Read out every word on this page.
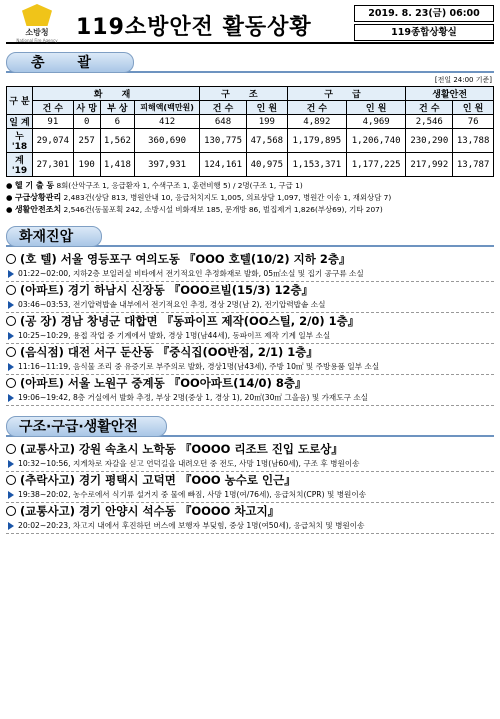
소방청
National Fire Agency
119소방안전 활동상황
2019. 8. 23(금) 06:00
119종합상황실
총 괄
[전일 24:00 기준]
구 분	화 재				구 조		구 급		생활안전	
	건 수	사 망	부 상	피해액(백만원)	건 수	인 원	건 수	인 원	건 수	인 원
일 계	91	0	6	412	648	199	4,892	4,969	2,546	76
누 '18	29,074	257	1,562	360,690	130,775	47,568	1,179,895	1,206,740	230,290	13,788
계 '19	27,301	190	1,418	397,931	124,161	40,975	1,153,371	1,177,225	217,992	13,787
● 헬 기 출 동 8회(산악구조 1, 응급환자 1, 수색구조 1, 훈련비행 5) / 2명(구조 1, 구급 1)
● 구급상황관리 2,483건(상담 813, 병원안내 10, 응급처치지도 1,005, 의료상담 1,097, 병원간 이송 1, 재외상담 7)
● 생활안전조치 2,546건(동물포획 242, 소방시설 비화재보 185, 문개방 86, 벌집제거 1,826(부상69), 기타 207)
화재진압
(호 텔) 서울 영등포구 여의도동 『OOO 호텔(10/2) 지하 2층』
01:22~02:00, 지하2층 보일러실 비타에서 전기적요인 추정화재로 발화, 05㎡소실 및 집기 공구류 소실
(아파트) 경기 하남시 신장동 『OOO르빌(15/3) 12층』
03:46~03:53, 전기압력밥솥 내부에서 전기적요인 추정, 경상 2명(남 2), 전기압력밥솥 소실
(공 장) 경남 창녕군 대합면 『동파이프 제작(OO스틸, 2/0) 1층』
10:25~10:29, 용접 작업 중 기계에서 발화, 경상 1명(남44세), 동파이프 제작 기계 일부 소실
(음식점) 대전 서구 둔산동 『중식집(OO반점, 2/1) 1층』
11:16~11:19, 음식물 조리 중 유증기로 부주의로 발화, 경상1명(남43세), 주방 10㎡ 및 주방용품 일부 소실
(아파트) 서울 노원구 중계동 『OO아파트(14/0) 8층』
19:06~19:42, 8층 거실에서 발화 추정, 부상 2명(중상 1, 경상 1), 20㎡(30㎡ 그을음) 및 가재도구 소실
구조·구급·생활안전
(교통사고) 강원 속초시 노학동 『OOOO 리조트 진입 도로상』
10:32~10:56, 지게차로 자갈을 싣고 언덕길을 내려오던 중 전도, 사망 1명(남60세), 구조 후 병원이송
(추락사고) 경기 평택시 고덕면 『OOO 농수로 인근』
19:38~20:02, 농수로에서 식기류 설거지 중 물에 빠짐, 사망 1명(여/76세), 응급처치(CPR) 및 병원이송
(교통사고) 경기 안양시 석수동 『OOOO 차고지』
20:02~20:23, 차고지 내에서 후진하던 버스에 보행자 부딪힘, 중상 1명(여50세), 응급처치 및 병원이송
